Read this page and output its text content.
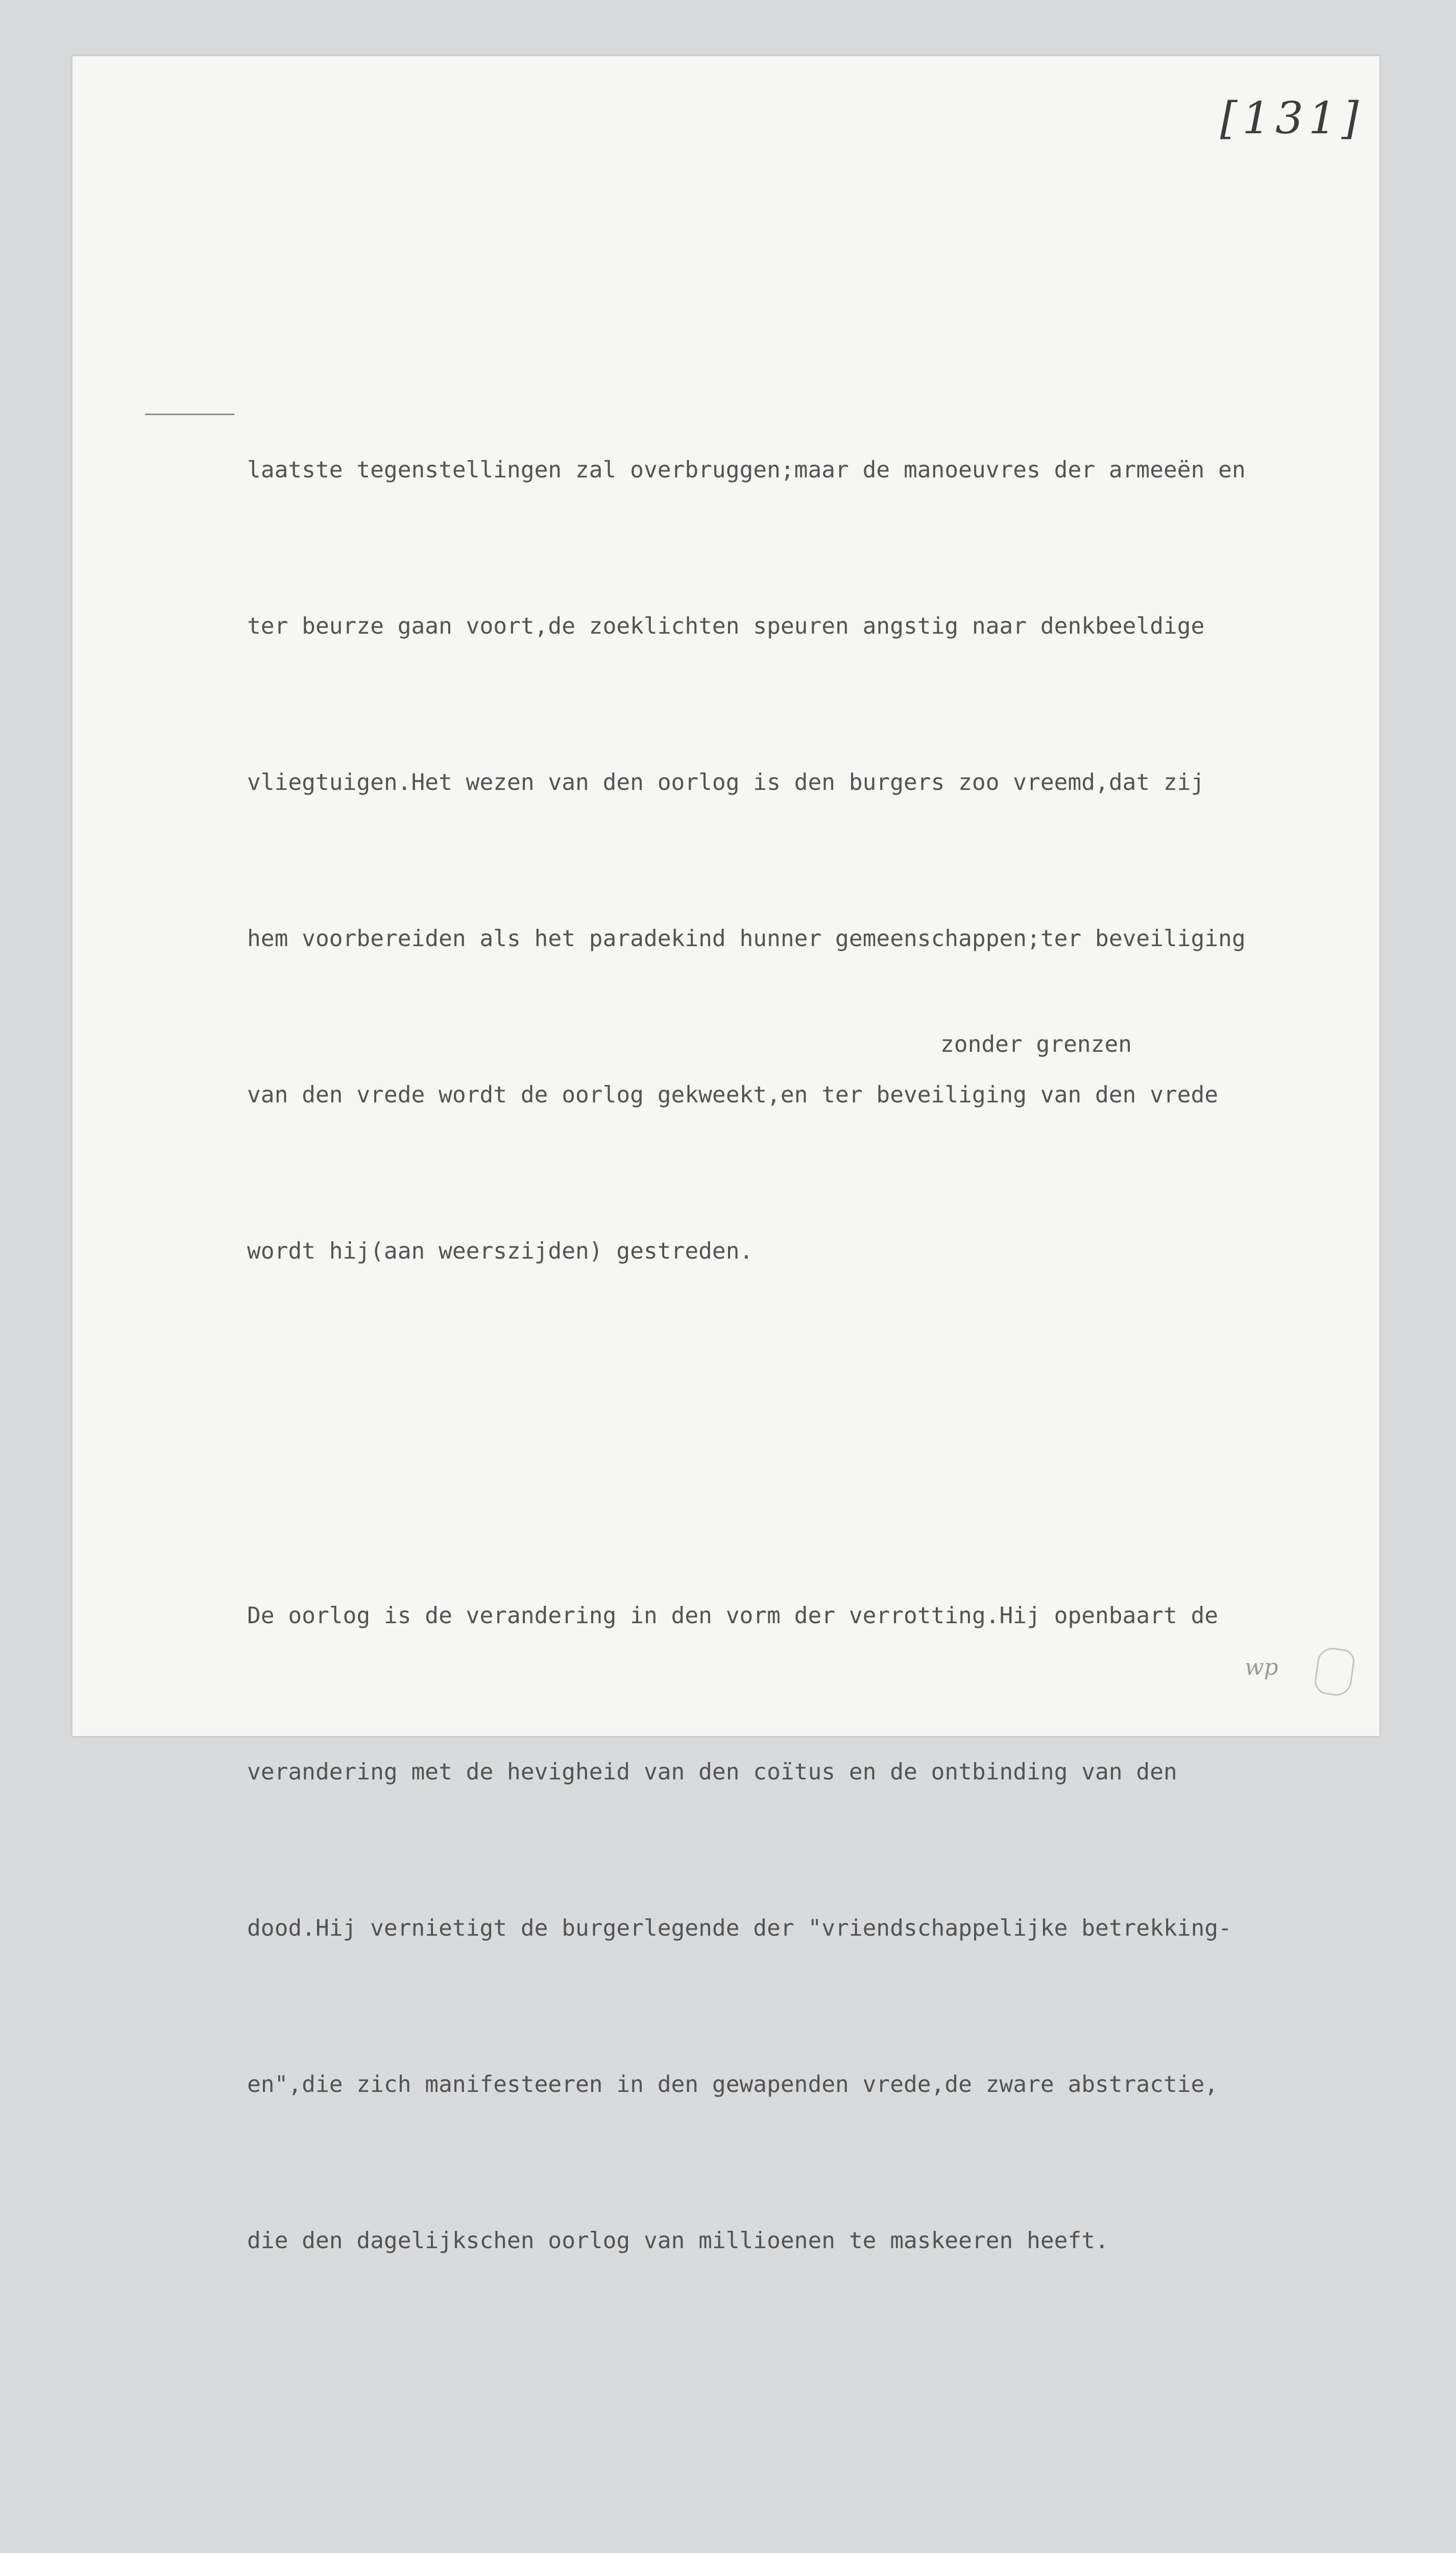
[131]

laatste tegenstellingen zal overbruggen;maar de manoeuvres der armeeën en

ter beurze gaan voort,de zoeklichten speuren angstig naar denkbeeldige

vliegtuigen.Het wezen van den oorlog is den burgers zoo vreemd,dat zij

hem voorbereiden als het paradekind hunner gemeenschappen;ter beveiliging

van den vrede wordt de oorlog gekweekt,en ter beveiliging van den vrede

wordt hij(aan weerszijden) gestreden.

De oorlog is de verandering in den vorm der verrotting.Hij openbaart de

verandering met de hevigheid van den coïtus en de ontbinding van den

dood.Hij vernietigt de burgerlegende der "vriendschappelijke betrekking-

en",die zich manifesteeren in den gewapenden vrede,de zware abstractie,

die den dagelijkschen oorlog van millioenen te maskeeren heeft.

zonder grenzen
wp
